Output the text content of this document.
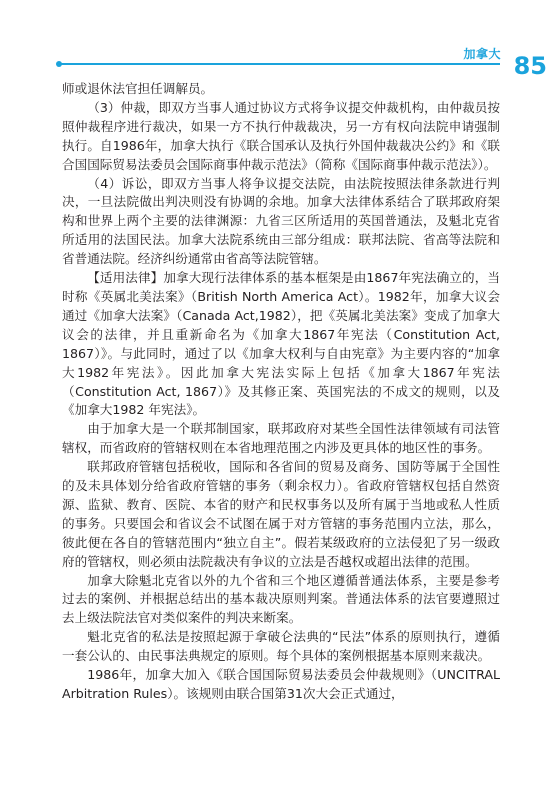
加拿大 85

师或退休法官担任调解员。

（3）仲裁，即双方当事人通过协议方式将争议提交仲裁机构，由仲裁员按照仲裁程序进行裁决，如果一方不执行仲裁裁决，另一方有权向法院申请强制执行。自1986年，加拿大执行《联合国承认及执行外国仲裁裁决公约》和《联合国国际贸易法委员会国际商事仲裁示范法》（简称《国际商事仲裁示范法》）。

（4）诉讼，即双方当事人将争议提交法院，由法院按照法律条款进行判决，一旦法院做出判决则没有协调的余地。加拿大法律体系结合了联邦政府架构和世界上两个主要的法律渊源：九省三区所适用的英国普通法，及魁北克省所适用的法国民法。加拿大法院系统由三部分组成：联邦法院、省高等法院和省普通法院。经济纠纷通常由省高等法院管辖。

【适用法律】加拿大现行法律体系的基本框架是由1867年宪法确立的，当时称《英属北美法案》（British North America Act）。1982年，加拿大议会通过《加拿大法案》（Canada Act,1982），把《英属北美法案》变成了加拿大议会的法律，并且重新命名为《加拿大1867年宪法（Constitution Act, 1867）》。与此同时，通过了以《加拿大权利与自由宪章》为主要内容的“加拿大1982年宪法》。因此加拿大宪法实际上包括《加拿大1867年宪法（Constitution Act, 1867）》及其修正案、英国宪法的不成文的规则，以及《加拿大1982 年宪法》。

由于加拿大是一个联邦制国家，联邦政府对某些全国性法律领域有司法管辖权，而省政府的管辖权则在本省地理范围之内涉及更具体的地区性的事务。

联邦政府管辖包括税收，国际和各省间的贸易及商务、国防等属于全国性的及未具体划分给省政府管辖的事务（剩余权力）。省政府管辖权包括自然资源、监狱、教育、医院、本省的财产和民权事务以及所有属于当地或私人性质的事务。只要国会和省议会不试图在属于对方管辖的事务范围内立法，那么，彼此便在各自的管辖范围内“独立自主”。假若某级政府的立法侵犯了另一级政府的管辖权，则必须由法院裁决有争议的立法是否越权或超出法律的范围。

加拿大除魁北克省以外的九个省和三个地区遵循普通法体系，主要是参考过去的案例、并根据总结出的基本裁决原则判案。普通法体系的法官要遵照过去上级法院法官对类似案件的判决来断案。

魁北克省的私法是按照起源于拿破仑法典的“民法”体系的原则执行，遵循一套公认的、由民事法典规定的原则。每个具体的案例根据基本原则来裁决。

1986年，加拿大加入《联合国国际贸易法委员会仲裁规则》（UNCITRAL Arbitration Rules）。该规则由联合国第31次大会正式通过，
